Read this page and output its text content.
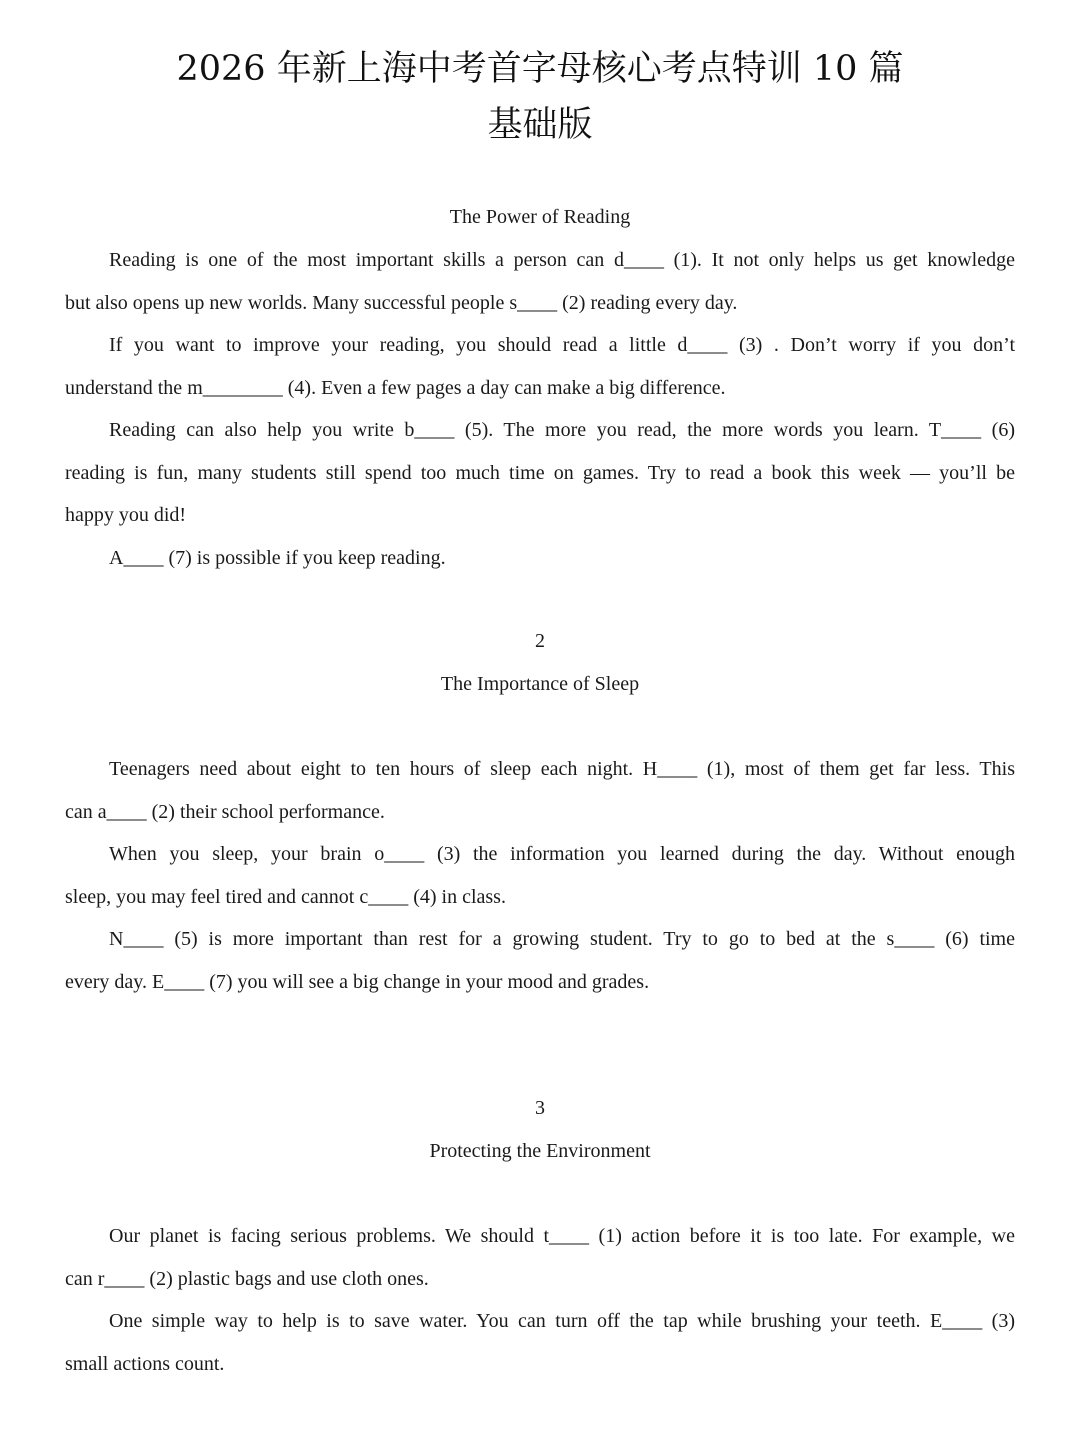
2026 年新上海中考首字母核心考点特训 10 篇
基础版
The Power of Reading
Reading is one of the most important skills a person can d____ (1). It not only helps us get knowledge
but also opens up new worlds. Many successful people s____ (2) reading every day.
If you want to improve your reading, you should read a little d____ (3) . Don’t worry if you don’t
understand the m________ (4). Even a few pages a day can make a big difference.
Reading can also help you write b____ (5). The more you read, the more words you learn. T____ (6)
reading is fun, many students still spend too much time on games. Try to read a book this week — you’ll be
happy you did!
A____ (7) is possible if you keep reading.
2
The Importance of Sleep
Teenagers need about eight to ten hours of sleep each night. H____ (1), most of them get far less. This
can a____ (2) their school performance.
When you sleep, your brain o____ (3) the information you learned during the day. Without enough
sleep, you may feel tired and cannot c____ (4) in class.
N____ (5) is more important than rest for a growing student. Try to go to bed at the s____ (6) time
every day. E____ (7) you will see a big change in your mood and grades.
3
Protecting the Environment
Our planet is facing serious problems. We should t____ (1) action before it is too late. For example, we
can r____ (2) plastic bags and use cloth ones.
One simple way to help is to save water. You can turn off the tap while brushing your teeth. E____ (3)
small actions count.
